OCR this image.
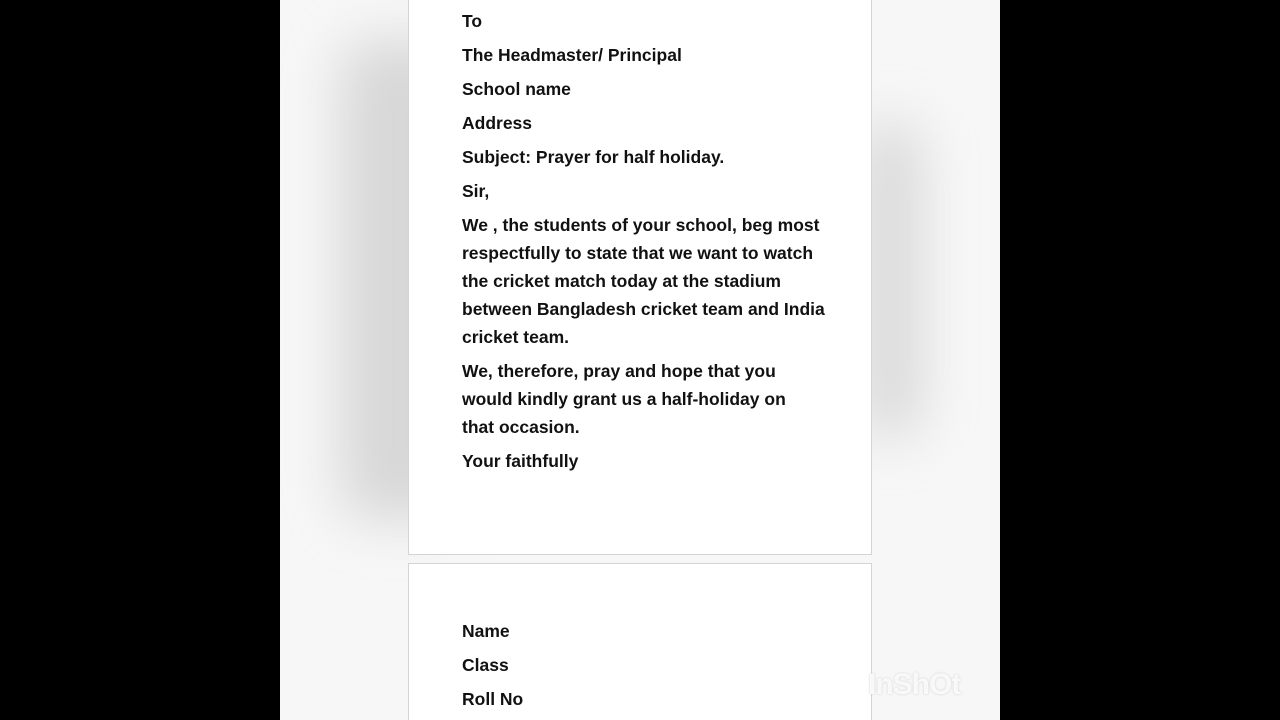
To
The Headmaster/ Principal
School name
Address
Subject: Prayer for half holiday.
Sir,
We , the students of your school, beg most respectfully to state that we want to watch the cricket match today at the stadium between Bangladesh cricket team and India cricket team.
We, therefore, pray and hope that you would kindly grant us a half-holiday on that occasion.
Your faithfully
Name
Class
Roll No	InShOt
